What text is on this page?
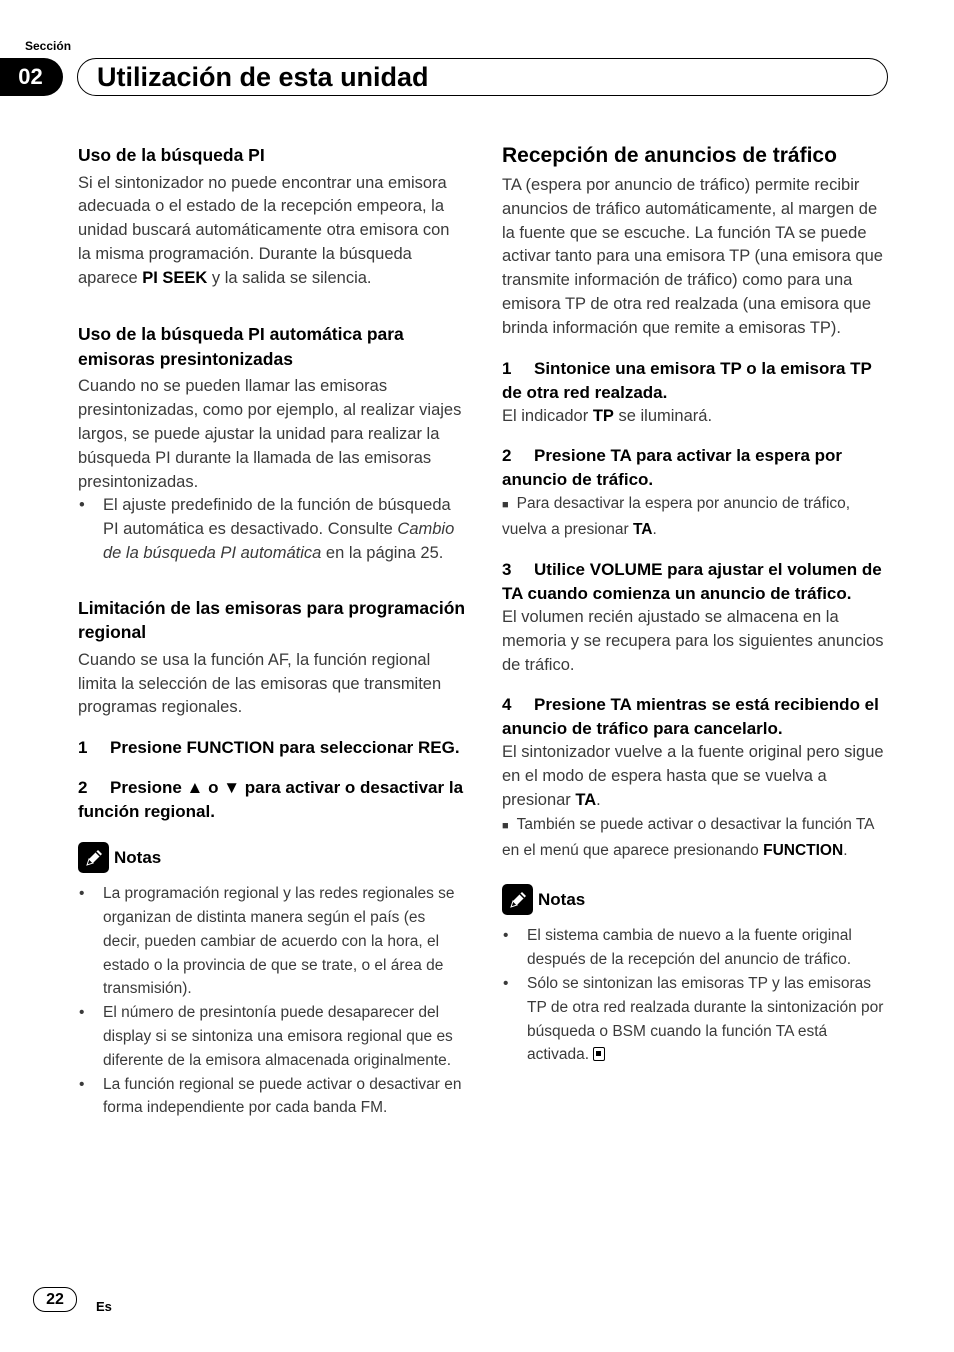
Sección
02	Utilización de esta unidad
Uso de la búsqueda PI

Si el sintonizador no puede encontrar una emisora adecuada o el estado de la recepción empeora, la unidad buscará automáticamente otra emisora con la misma programación. Durante la búsqueda aparece PI SEEK y la salida se silencia.

Uso de la búsqueda PI automática para emisoras presintonizadas

Cuando no se pueden llamar las emisoras presintonizadas, como por ejemplo, al realizar viajes largos, se puede ajustar la unidad para realizar la búsqueda PI durante la llamada de las emisoras presintonizadas.

• El ajuste predefinido de la función de búsqueda PI automática es desactivado. Consulte Cambio de la búsqueda PI automática en la página 25.
Limitación de las emisoras para programación regional

Cuando se usa la función AF, la función regional limita la selección de las emisoras que transmiten programas regionales.

1 Presione FUNCTION para seleccionar REG.
2 Presione ▲ o ▼ para activar o desactivar la función regional.
Notas
• La programación regional y las redes regionales se organizan de distinta manera según el país (es decir, pueden cambiar de acuerdo con la hora, el estado o la provincia de que se trate, o el área de transmisión).
• El número de presintonía puede desaparecer del display si se sintoniza una emisora regional que es diferente de la emisora almacenada originalmente.
• La función regional se puede activar o desactivar en forma independiente por cada banda FM.
Recepción de anuncios de tráfico

TA (espera por anuncio de tráfico) permite recibir anuncios de tráfico automáticamente, al margen de la fuente que se escuche. La función TA se puede activar tanto para una emisora TP (una emisora que transmite información de tráfico) como para una emisora TP de otra red realzada (una emisora que brinda información que remite a emisoras TP).

1 Sintonice una emisora TP o la emisora TP de otra red realzada.

El indicador TP se iluminará.

2 Presione TA para activar la espera por anuncio de tráfico.

■ Para desactivar la espera por anuncio de tráfico, vuelva a presionar TA.

3 Utilice VOLUME para ajustar el volumen de TA cuando comienza un anuncio de tráfico.

El volumen recién ajustado se almacena en la memoria y se recupera para los siguientes anuncios de tráfico.

4 Presione TA mientras se está recibiendo el anuncio de tráfico para cancelarlo.

El sintonizador vuelve a la fuente original pero sigue en el modo de espera hasta que se vuelva a presionar TA.

■ También se puede activar o desactivar la función TA en el menú que aparece presionando FUNCTION.

Notas
• El sistema cambia de nuevo a la fuente original después de la recepción del anuncio de tráfico.
• Sólo se sintonizan las emisoras TP y las emisoras TP de otra red realzada durante la sintonización por búsqueda o BSM cuando la función TA está activada.
22	Es
